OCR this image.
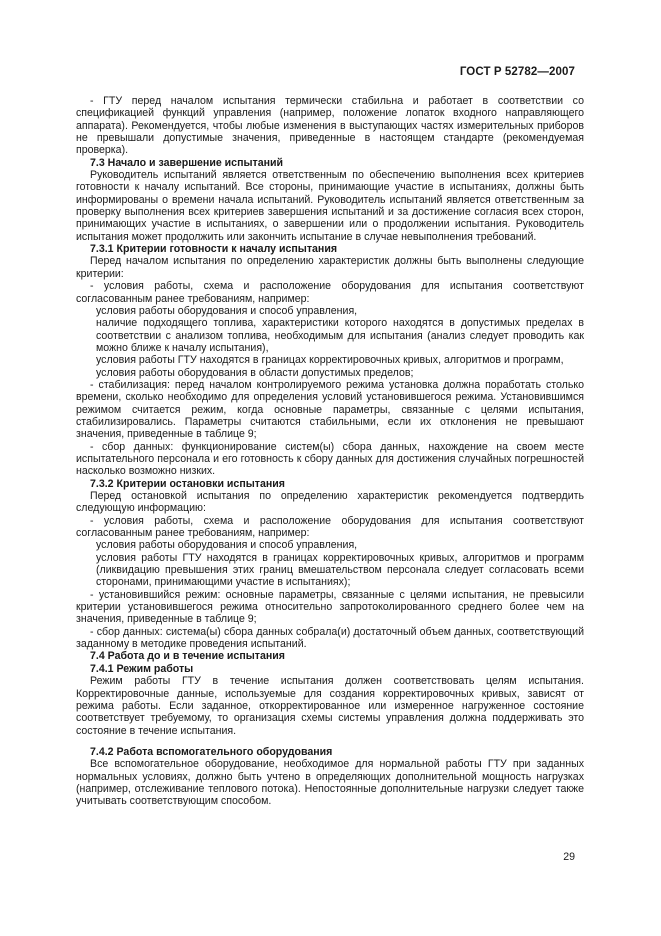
ГОСТ Р 52782—2007

- ГТУ перед началом испытания термически стабильна и работает в соответствии со спецификацией функций управления (например, положение лопаток входного направляющего аппарата). Рекомендуется, чтобы любые изменения в выступающих частях измерительных приборов не превышали допустимые значения, приведенные в настоящем стандарте (рекомендуемая проверка).

7.3 Начало и завершение испытаний

Руководитель испытаний является ответственным по обеспечению выполнения всех критериев готовности к началу испытаний. Все стороны, принимающие участие в испытаниях, должны быть информированы о времени начала испытаний. Руководитель испытаний является ответственным за проверку выполнения всех критериев завершения испытаний и за достижение согласия всех сторон, принимающих участие в испытаниях, о завершении или о продолжении испытания. Руководитель испытания может продолжить или закончить испытание в случае невыполнения требований.

7.3.1 Критерии готовности к началу испытания

Перед началом испытания по определению характеристик должны быть выполнены следующие критерии:

- условия работы, схема и расположение оборудования для испытания соответствуют согласованным ранее требованиям, например:

условия работы оборудования и способ управления,

наличие подходящего топлива, характеристики которого находятся в допустимых пределах в соответствии с анализом топлива, необходимым для испытания (анализ следует проводить как можно ближе к началу испытания),

условия работы ГТУ находятся в границах корректировочных кривых, алгоритмов и программ,

условия работы оборудования в области допустимых пределов;

- стабилизация: перед началом контролируемого режима установка должна поработать столько времени, сколько необходимо для определения условий установившегося режима. Установившимся режимом считается режим, когда основные параметры, связанные с целями испытания, стабилизировались. Параметры считаются стабильными, если их отклонения не превышают значения, приведенные в таблице 9;

- сбор данных: функционирование систем(ы) сбора данных, нахождение на своем месте испытательного персонала и его готовность к сбору данных для достижения случайных погрешностей насколько возможно низких.

7.3.2 Критерии остановки испытания

Перед остановкой испытания по определению характеристик рекомендуется подтвердить следующую информацию:

- условия работы, схема и расположение оборудования для испытания соответствуют согласованным ранее требованиям, например:

условия работы оборудования и способ управления,

условия работы ГТУ находятся в границах корректировочных кривых, алгоритмов и программ (ликвидацию превышения этих границ вмешательством персонала следует согласовать всеми сторонами, принимающими участие в испытаниях);

- установившийся режим: основные параметры, связанные с целями испытания, не превысили критерии установившегося режима относительно запротоколированного среднего более чем на значения, приведенные в таблице 9;

- сбор данных: система(ы) сбора данных собрала(и) достаточный объем данных, соответствующий заданному в методике проведения испытаний.

7.4 Работа до и в течение испытания

7.4.1 Режим работы

Режим работы ГТУ в течение испытания должен соответствовать целям испытания. Корректировочные данные, используемые для создания корректировочных кривых, зависят от режима работы. Если заданное, откорректированное или измеренное нагруженное состояние соответствует требуемому, то организация схемы системы управления должна поддерживать это состояние в течение испытания.

7.4.2 Работа вспомогательного оборудования

Все вспомогательное оборудование, необходимое для нормальной работы ГТУ при заданных нормальных условиях, должно быть учтено в определяющих дополнительной мощность нагрузках (например, отслеживание теплового потока). Непостоянные дополнительные нагрузки следует также учитывать соответствующим способом.

29
